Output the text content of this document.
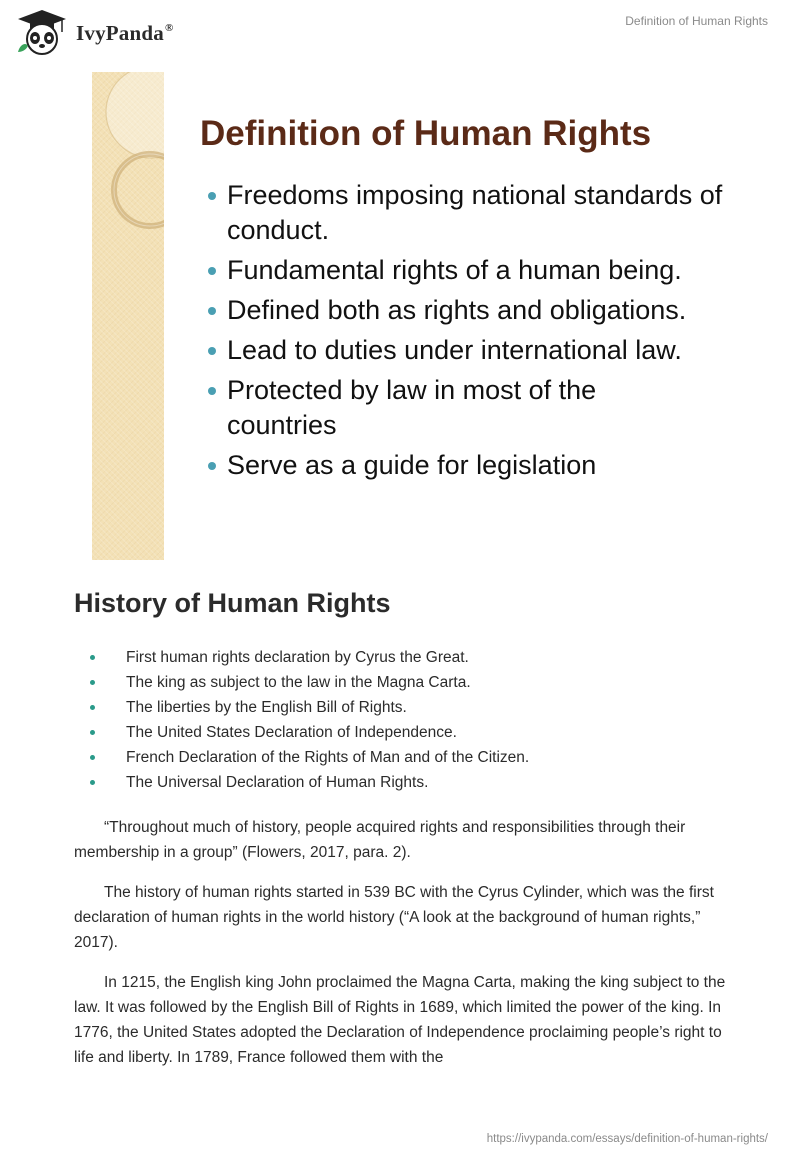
IvyPanda®	Definition of Human Rights
Definition of Human Rights
Freedoms imposing national standards of conduct.
Fundamental rights of a human being.
Defined both as rights and obligations.
Lead to duties under international law.
Protected by law in most of the countries
Serve as a guide for legislation
History of Human Rights
First human rights declaration by Cyrus the Great.
The king as subject to the law in the Magna Carta.
The liberties by the English Bill of Rights.
The United States Declaration of Independence.
French Declaration of the Rights of Man and of the Citizen.
The Universal Declaration of Human Rights.

“Throughout much of history, people acquired rights and responsibilities through their membership in a group” (Flowers, 2017, para. 2).

The history of human rights started in 539 BC with the Cyrus Cylinder, which was the first declaration of human rights in the world history (“A look at the background of human rights,” 2017).

In 1215, the English king John proclaimed the Magna Carta, making the king subject to the law. It was followed by the English Bill of Rights in 1689, which limited the power of the king. In 1776, the United States adopted the Declaration of Independence proclaiming people’s right to life and liberty. In 1789, France followed them with the

https://ivypanda.com/essays/definition-of-human-rights/
